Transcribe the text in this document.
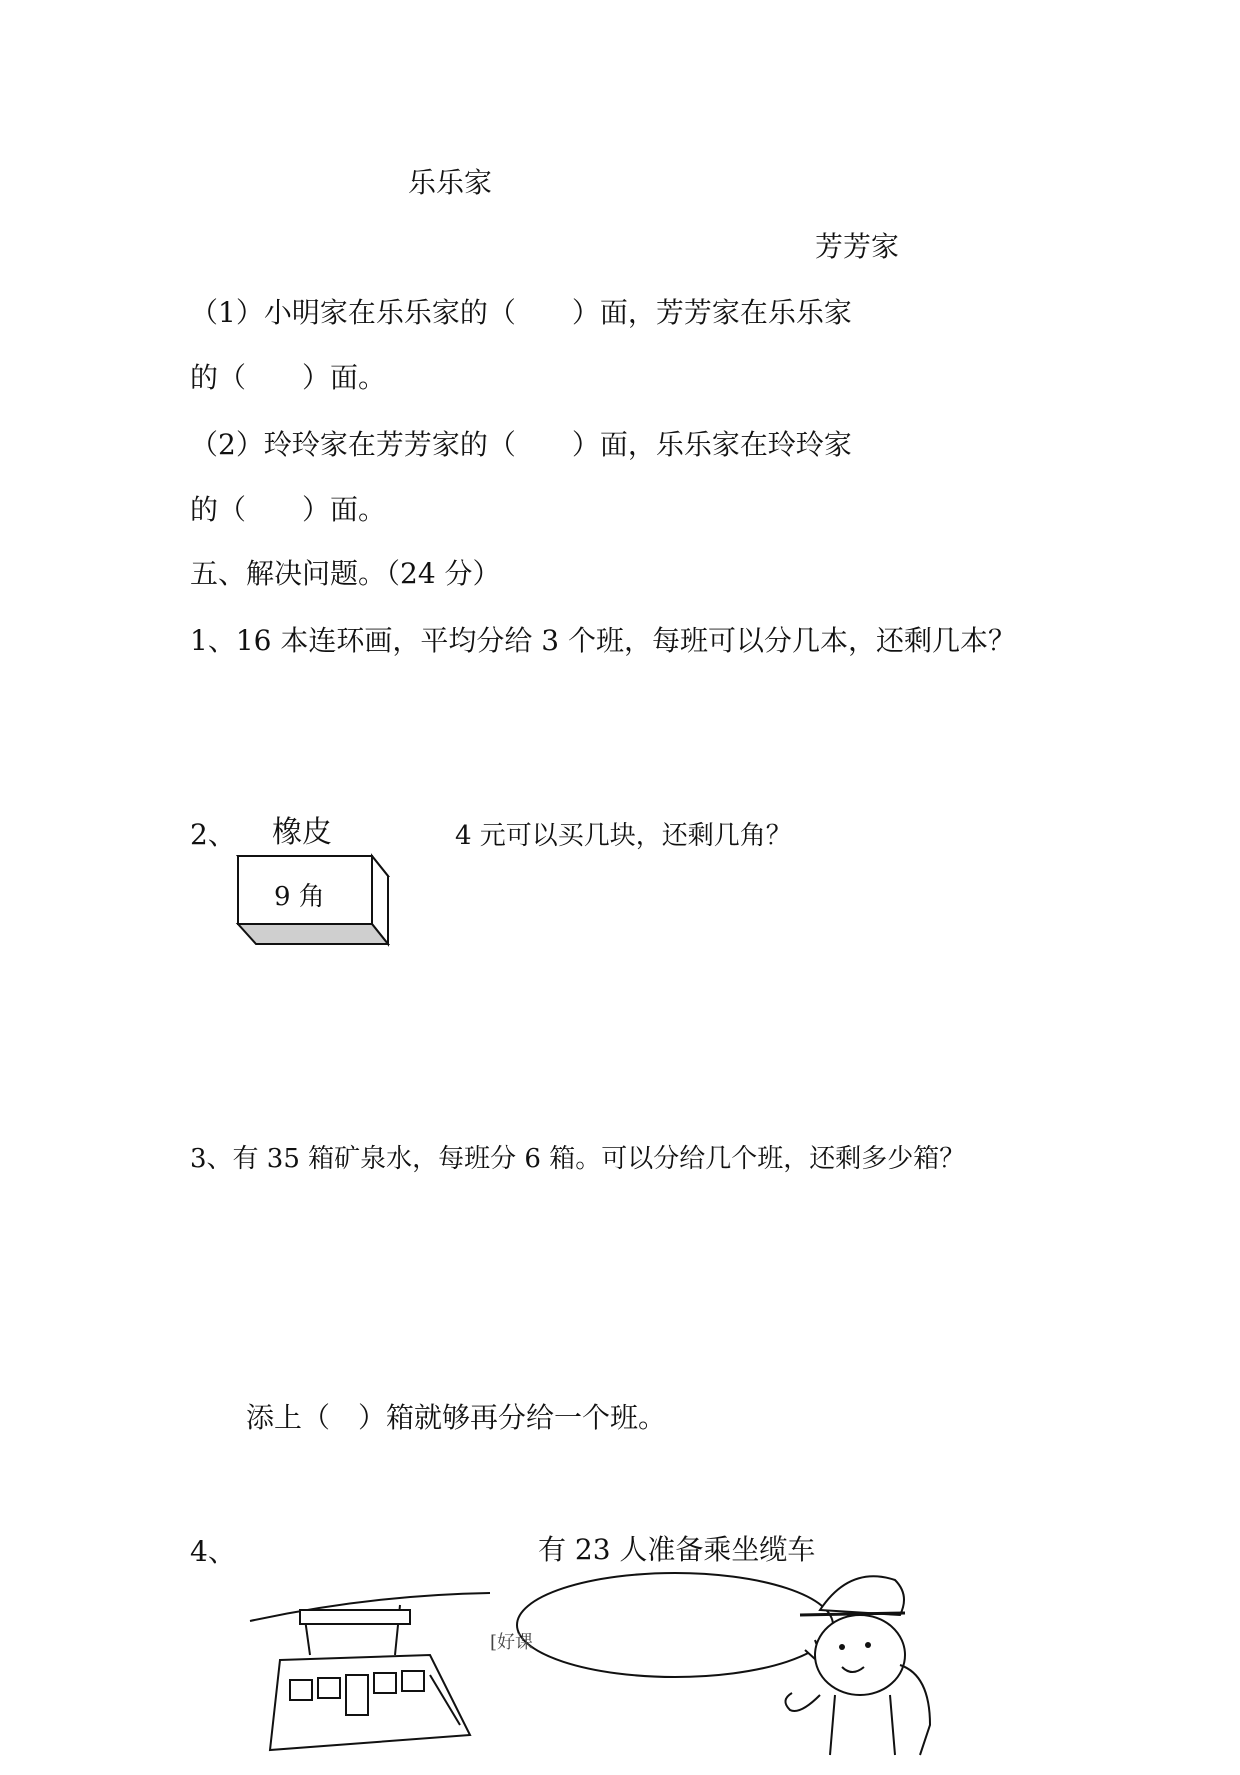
乐乐家
芳芳家
（1）小明家在乐乐家的（　　）面，芳芳家在乐乐家
的（　　）面。
（2）玲玲家在芳芳家的（　　）面，乐乐家在玲玲家
的（　　）面。
五、解决问题。（24 分）
1、16 本连环画，平均分给 3 个班，每班可以分几本，还剩几本？
2、 橡皮	4 元可以买几块，还剩几角？
9 角
3、有 35 箱矿泉水，每班分 6 箱。可以分给几个班，还剩多少箱？
添上（　）箱就够再分给一个班。
4、	有 23 人准备乘坐缆车
[好课
